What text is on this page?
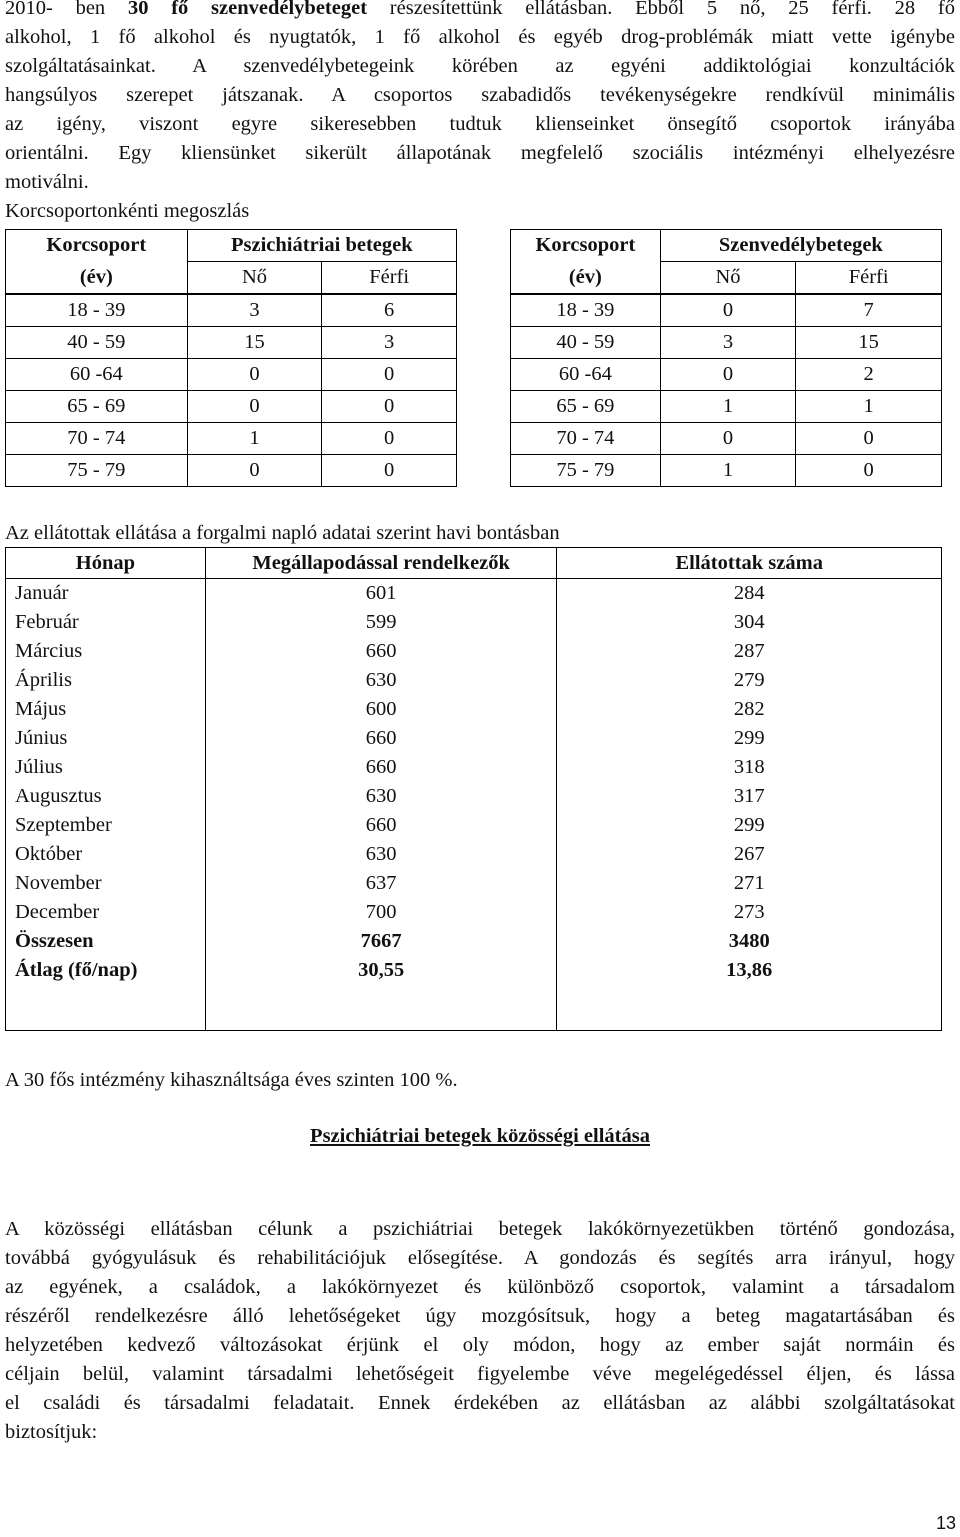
2010- ben 30 fő szenvedélybeteget részesítettünk ellátásban. Ebből 5 nő, 25 férfi. 28 fő
alkohol, 1 fő alkohol és nyugtatók, 1 fő alkohol és egyéb drog-problémák miatt vette igénybe
szolgáltatásainkat. A szenvedélybetegeink körében az egyéni addiktológiai konzultációk
hangsúlyos szerepet játszanak. A csoportos szabadidős tevékenységekre rendkívül minimális
az igény, viszont egyre sikeresebben tudtuk klienseinket önsegítő csoportok irányába
orientálni. Egy kliensünket sikerült állapotának megfelelő szociális intézményi elhelyezésre
motiválni.
Korcsoportonkénti megoszlás
Korcsoport	Pszichiátriai betegek	
(év)	Nő	Férfi
18 - 39	3	6
40 - 59	15	3
60 -64	0	0
65 - 69	0	0
70 - 74	1	0
75 - 79	0	0
Korcsoport	Szenvedélybetegek	
(év)	Nő	Férfi
18 - 39	0	7
40 - 59	3	15
60 -64	0	2
65 - 69	1	1
70 - 74	0	0
75 - 79	1	0
Az ellátottak ellátása a forgalmi napló adatai szerint havi bontásban
Hónap	Megállapodással rendelkezők	Ellátottak száma
Január	601	284
Február	599	304
Március	660	287
Április	630	279
Május	600	282
Június	660	299
Július	660	318
Augusztus	630	317
Szeptember	660	299
Október	630	267
November	637	271
December	700	273
Összesen	7667	3480
Átlag (fő/nap)	30,55	13,86

A 30 fős intézmény kihasználtsága éves szinten 100 %.
Pszichiátriai betegek közösségi ellátása
A közösségi ellátásban célunk a pszichiátriai betegek lakókörnyezetükben történő gondozása,
továbbá gyógyulásuk és rehabilitációjuk elősegítése. A gondozás és segítés arra irányul, hogy
az egyének, a családok, a lakókörnyezet és különböző csoportok, valamint a társadalom
részéről rendelkezésre álló lehetőségeket úgy mozgósítsuk, hogy a beteg magatartásában és
helyzetében kedvező változásokat érjünk el oly módon, hogy az ember saját normáin és
céljain belül, valamint társadalmi lehetőségeit figyelembe véve megelégedéssel éljen, és lássa
el családi és társadalmi feladatait. Ennek érdekében az ellátásban az alábbi szolgáltatásokat
biztosítjuk:
13
